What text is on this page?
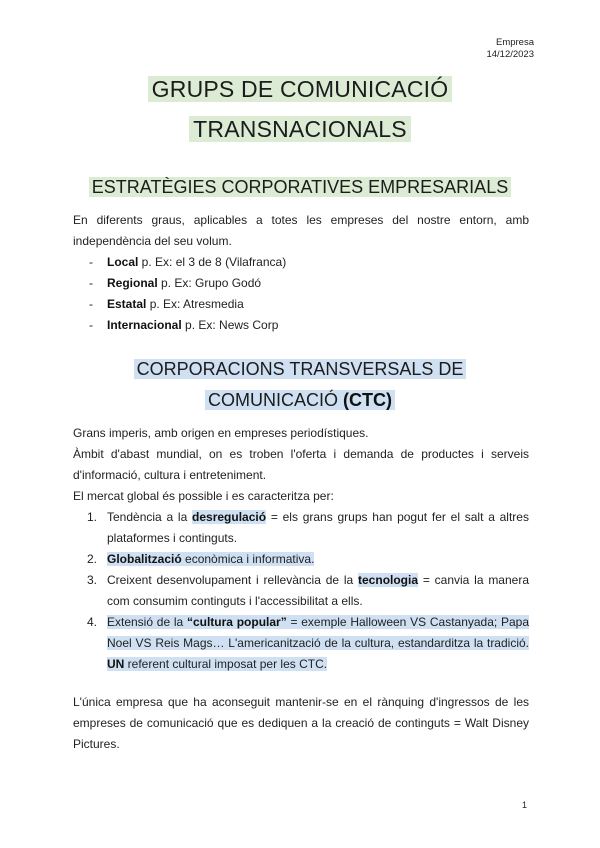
Empresa
14/12/2023
GRUPS DE COMUNICACIÓ
TRANSNACIONALS
ESTRATÈGIES CORPORATIVES EMPRESARIALS
En diferents graus, aplicables a totes les empreses del nostre entorn, amb independència del seu volum.
- Local p. Ex: el 3 de 8 (Vilafranca)
- Regional p. Ex: Grupo Godó
- Estatal p. Ex: Atresmedia
- Internacional p. Ex: News Corp
CORPORACIONS TRANSVERSALS DE
COMUNICACIÓ (CTC)
Grans imperis, amb origen en empreses periodístiques.
Àmbit d'abast mundial, on es troben l'oferta i demanda de productes i serveis d'informació, cultura i entreteniment.
El mercat global és possible i es caracteritza per:
1. Tendència a la desregulació = els grans grups han pogut fer el salt a altres plataformes i continguts.
2. Globalització econòmica i informativa.
3. Creixent desenvolupament i rellevància de la tecnologia = canvia la manera com consumim continguts i l'accessibilitat a ells.
4. Extensió de la “cultura popular” = exemple Halloween VS Castanyada; Papa Noel VS Reis Mags… L'americanització de la cultura, estandarditza la tradició. UN referent cultural imposat per les CTC.
L'única empresa que ha aconseguit mantenir-se en el rànquing d'ingressos de les empreses de comunicació que es dediquen a la creació de continguts = Walt Disney Pictures.
1
